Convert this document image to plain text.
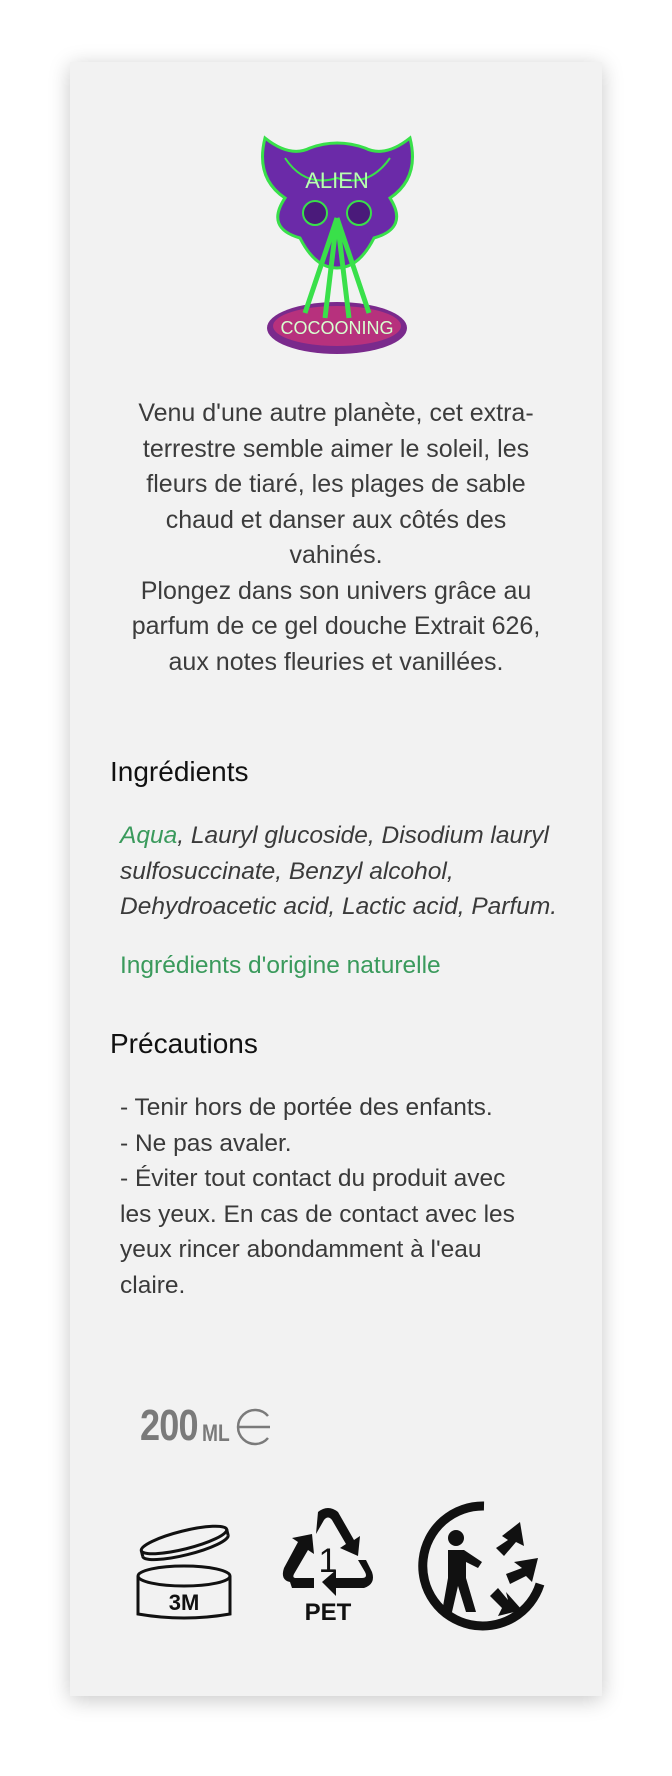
ALIEN
COCOONING
Venu d'une autre planète, cet extra-
terrestre semble aimer le soleil, les
fleurs de tiaré, les plages de sable
chaud et danser aux côtés des
vahinés.
Plongez dans son univers grâce au
parfum de ce gel douche Extrait 626,
aux notes fleuries et vanillées.
Ingrédients
Aqua, Lauryl glucoside, Disodium lauryl sulfosuccinate, Benzyl alcohol, Dehydroacetic acid, Lactic acid, Parfum.
Ingrédients d'origine naturelle
Précautions
- Tenir hors de portée des enfants.
- Ne pas avaler.
- Éviter tout contact du produit avec
les yeux. En cas de contact avec les
yeux rincer abondamment à l'eau
claire.
200 ML
3M
1
PET
